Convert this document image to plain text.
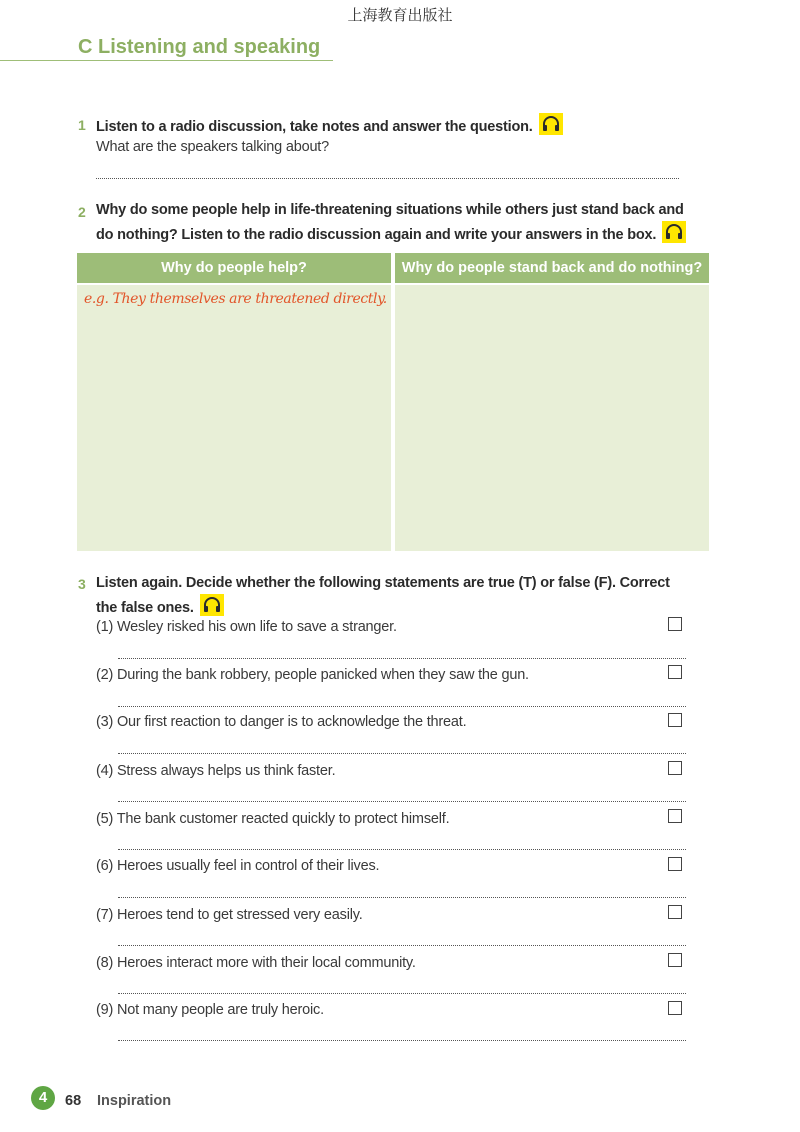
上海教育出版社
C Listening and speaking
1 Listen to a radio discussion, take notes and answer the question.
What are the speakers talking about?
2 Why do some people help in life-threatening situations while others just stand back and
do nothing? Listen to the radio discussion again and write your answers in the box.
Why do people help?	Why do people stand back and do nothing?
e.g. They themselves are threatened directly.
3 Listen again. Decide whether the following statements are true (T) or false (F). Correct
the false ones.
(1) Wesley risked his own life to save a stranger.
(2) During the bank robbery, people panicked when they saw the gun.
(3) Our first reaction to danger is to acknowledge the threat.
(4) Stress always helps us think faster.
(5) The bank customer reacted quickly to protect himself.
(6) Heroes usually feel in control of their lives.
(7) Heroes tend to get stressed very easily.
(8) Heroes interact more with their local community.
(9) Not many people are truly heroic.
4	68 Inspiration
